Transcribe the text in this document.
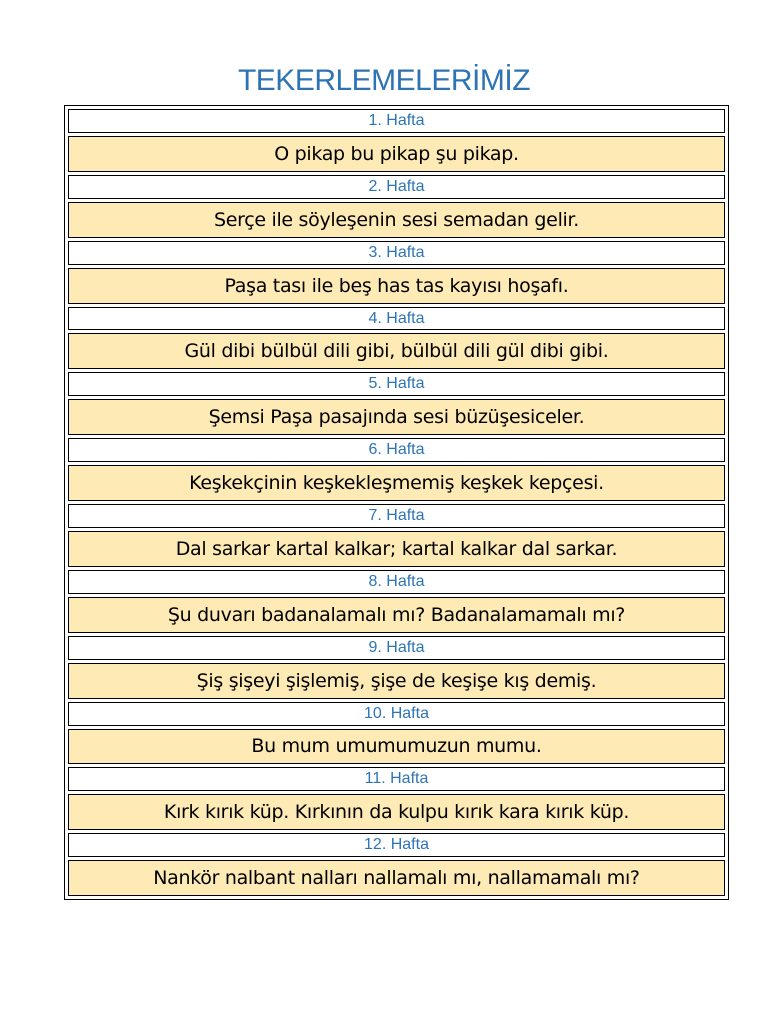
TEKERLEMELERİMİZ
1. Hafta
O pikap bu pikap şu pikap.
2. Hafta
Serçe ile söyleşenin sesi semadan gelir.
3. Hafta
Paşa tası ile beş has tas kayısı hoşafı.
4. Hafta
Gül dibi bülbül dili gibi, bülbül dili gül dibi gibi.
5. Hafta
Şemsi Paşa pasajında sesi büzüşesiceler.
6. Hafta
Keşkekçinin keşkekleşmemiş keşkek kepçesi.
7. Hafta
Dal sarkar kartal kalkar; kartal kalkar dal sarkar.
8. Hafta
Şu duvarı badanalamalı mı? Badanalamamalı mı?
9. Hafta
Şiş şişeyi şişlemiş, şişe de keşişe kış demiş.
10. Hafta
Bu mum umumumuzun mumu.
11. Hafta
Kırk kırık küp. Kırkının da kulpu kırık kara kırık küp.
12. Hafta
Nankör nalbant nalları nallamalı mı, nallamamalı mı?
